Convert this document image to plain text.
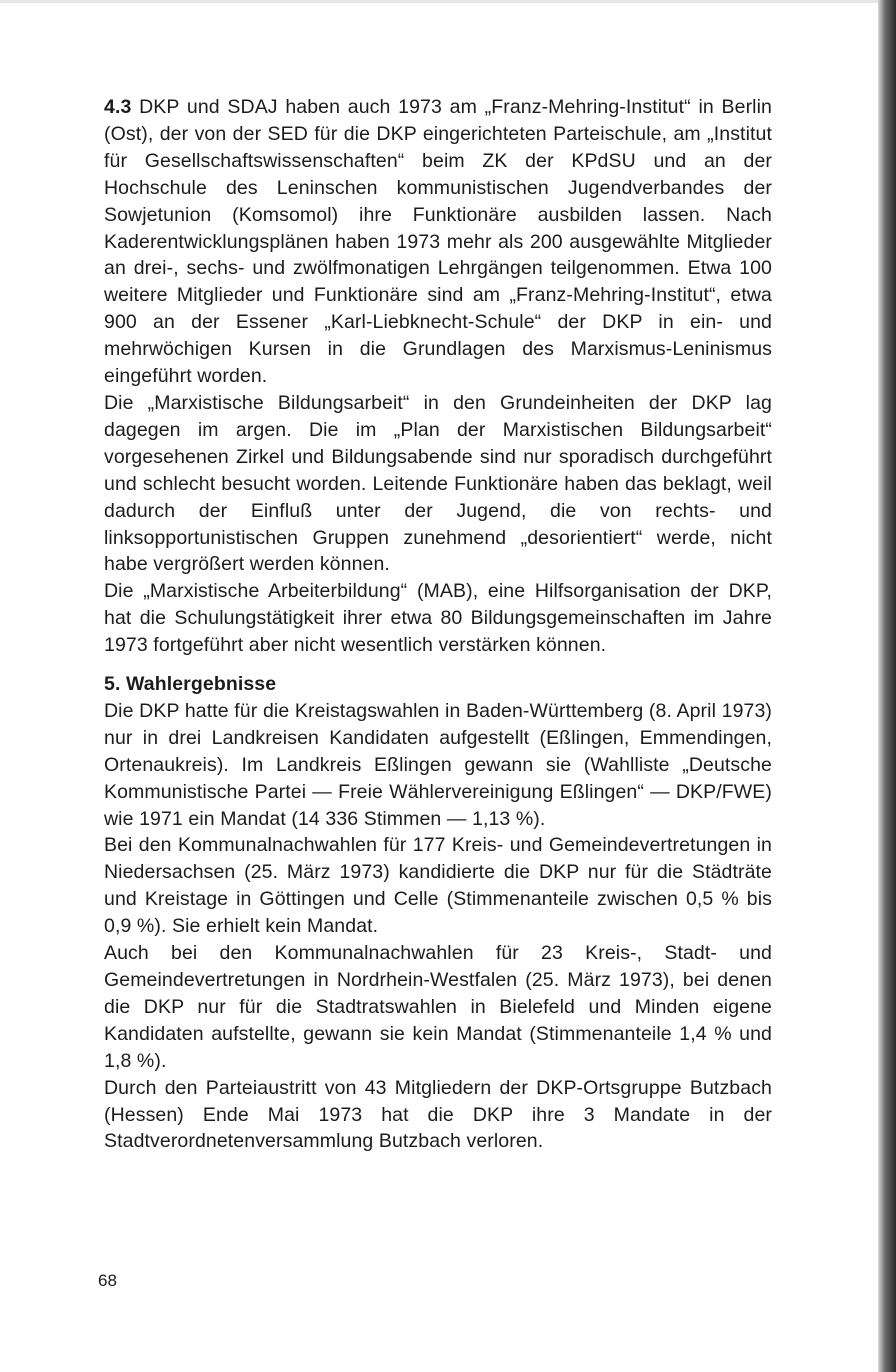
4.3 DKP und SDAJ haben auch 1973 am „Franz-Mehring-Institut“ in Berlin (Ost), der von der SED für die DKP eingerichteten Parteischule, am „Institut für Gesellschaftswissenschaften“ beim ZK der KPdSU und an der Hochschule des Leninschen kommunistischen Jugendverbandes der Sowjetunion (Komsomol) ihre Funktionäre ausbilden lassen. Nach Kaderentwicklungsplänen haben 1973 mehr als 200 ausgewählte Mitglieder an drei-, sechs- und zwölfmonatigen Lehrgängen teilgenommen. Etwa 100 weitere Mitglieder und Funktionäre sind am „Franz-Mehring-Institut“, etwa 900 an der Essener „Karl-Liebknecht-Schule“ der DKP in ein- und mehrwöchigen Kursen in die Grundlagen des Marxismus-Leninismus eingeführt worden.

Die „Marxistische Bildungsarbeit“ in den Grundeinheiten der DKP lag dagegen im argen. Die im „Plan der Marxistischen Bildungsarbeit“ vorgesehenen Zirkel und Bildungsabende sind nur sporadisch durchgeführt und schlecht besucht worden. Leitende Funktionäre haben das beklagt, weil dadurch der Einfluß unter der Jugend, die von rechts- und linksopportunistischen Gruppen zunehmend „desorientiert“ werde, nicht habe vergrößert werden können.

Die „Marxistische Arbeiterbildung“ (MAB), eine Hilfsorganisation der DKP, hat die Schulungstätigkeit ihrer etwa 80 Bildungsgemeinschaften im Jahre 1973 fortgeführt aber nicht wesentlich verstärken können.

5. Wahlergebnisse

Die DKP hatte für die Kreistagswahlen in Baden-Württemberg (8. April 1973) nur in drei Landkreisen Kandidaten aufgestellt (Eßlingen, Emmendingen, Ortenaukreis). Im Landkreis Eßlingen gewann sie (Wahlliste „Deutsche Kommunistische Partei — Freie Wählervereinigung Eßlingen“ — DKP/FWE) wie 1971 ein Mandat (14 336 Stimmen — 1,13 %).

Bei den Kommunalnachwahlen für 177 Kreis- und Gemeindevertretungen in Niedersachsen (25. März 1973) kandidierte die DKP nur für die Städträte und Kreistage in Göttingen und Celle (Stimmenanteile zwischen 0,5 % bis 0,9 %). Sie erhielt kein Mandat.

Auch bei den Kommunalnachwahlen für 23 Kreis-, Stadt- und Gemeindevertretungen in Nordrhein-Westfalen (25. März 1973), bei denen die DKP nur für die Stadtratswahlen in Bielefeld und Minden eigene Kandidaten aufstellte, gewann sie kein Mandat (Stimmenanteile 1,4 % und 1,8 %).

Durch den Parteiaustritt von 43 Mitgliedern der DKP-Ortsgruppe Butzbach (Hessen) Ende Mai 1973 hat die DKP ihre 3 Mandate in der Stadtverordnetenversammlung Butzbach verloren.

68
